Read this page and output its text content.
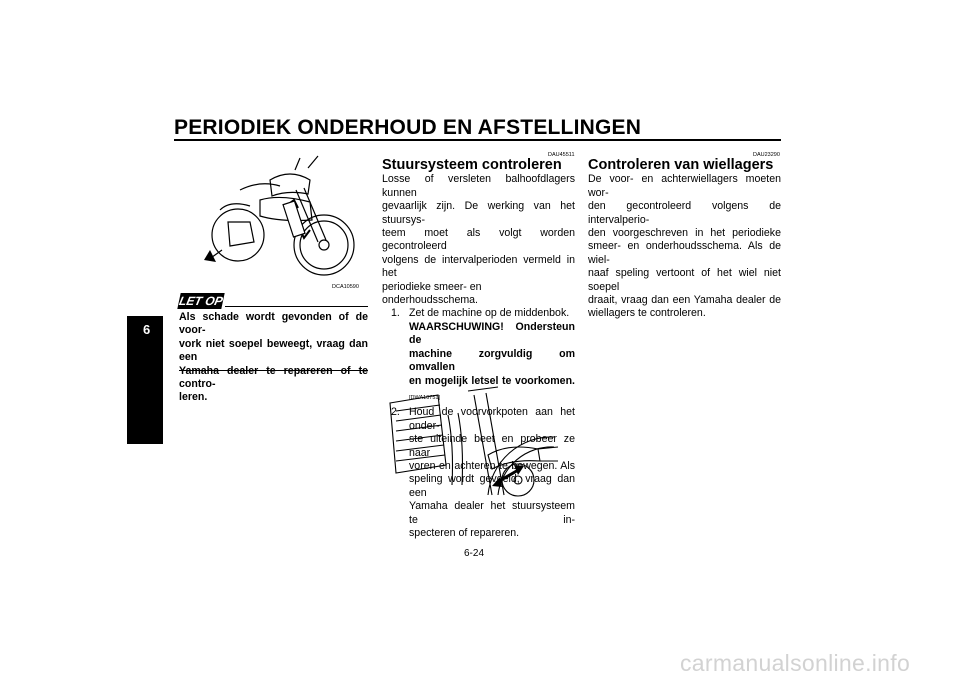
PERIODIEK ONDERHOUD EN AFSTELLINGEN
6
DCA10590
LET OP
Als schade wordt gevonden of de voor-
vork niet soepel beweegt, vraag dan een
contro-
leren.
DAU45511
Stuursysteem controleren
Losse of versleten balhoofdlagers kunnen
gevaarlijk zijn. De werking van het stuursys-
teem moet als volgt worden gecontroleerd
volgens de intervalperioden vermeld in het
periodieke smeer- en onderhoudsschema.
1. Zet de machine op de middenbok.
WAARSCHUWING! Ondersteun de
machine zorgvuldig om omvallen
en mogelijk letsel te voorkomen.
[DWA10751]
2. Houd de voorvorkpoten aan het onder-
ste uiteinde beet en probeer ze naar
voren en achteren te bewegen. Als
speling wordt gevoeld, vraag dan een
Yamaha dealer het stuursysteem te in-
specteren of repareren.
DAU23290
Controleren van wiellagers
De voor- en achterwiellagers moeten wor-
den gecontroleerd volgens de intervalperio-
den voorgeschreven in het periodieke
smeer- en onderhoudsschema. Als de wiel-
naaf speling vertoont of het wiel niet soepel
draait, vraag dan een Yamaha dealer de
wiellagers te controleren.
6-24
carmanualsonline.info
